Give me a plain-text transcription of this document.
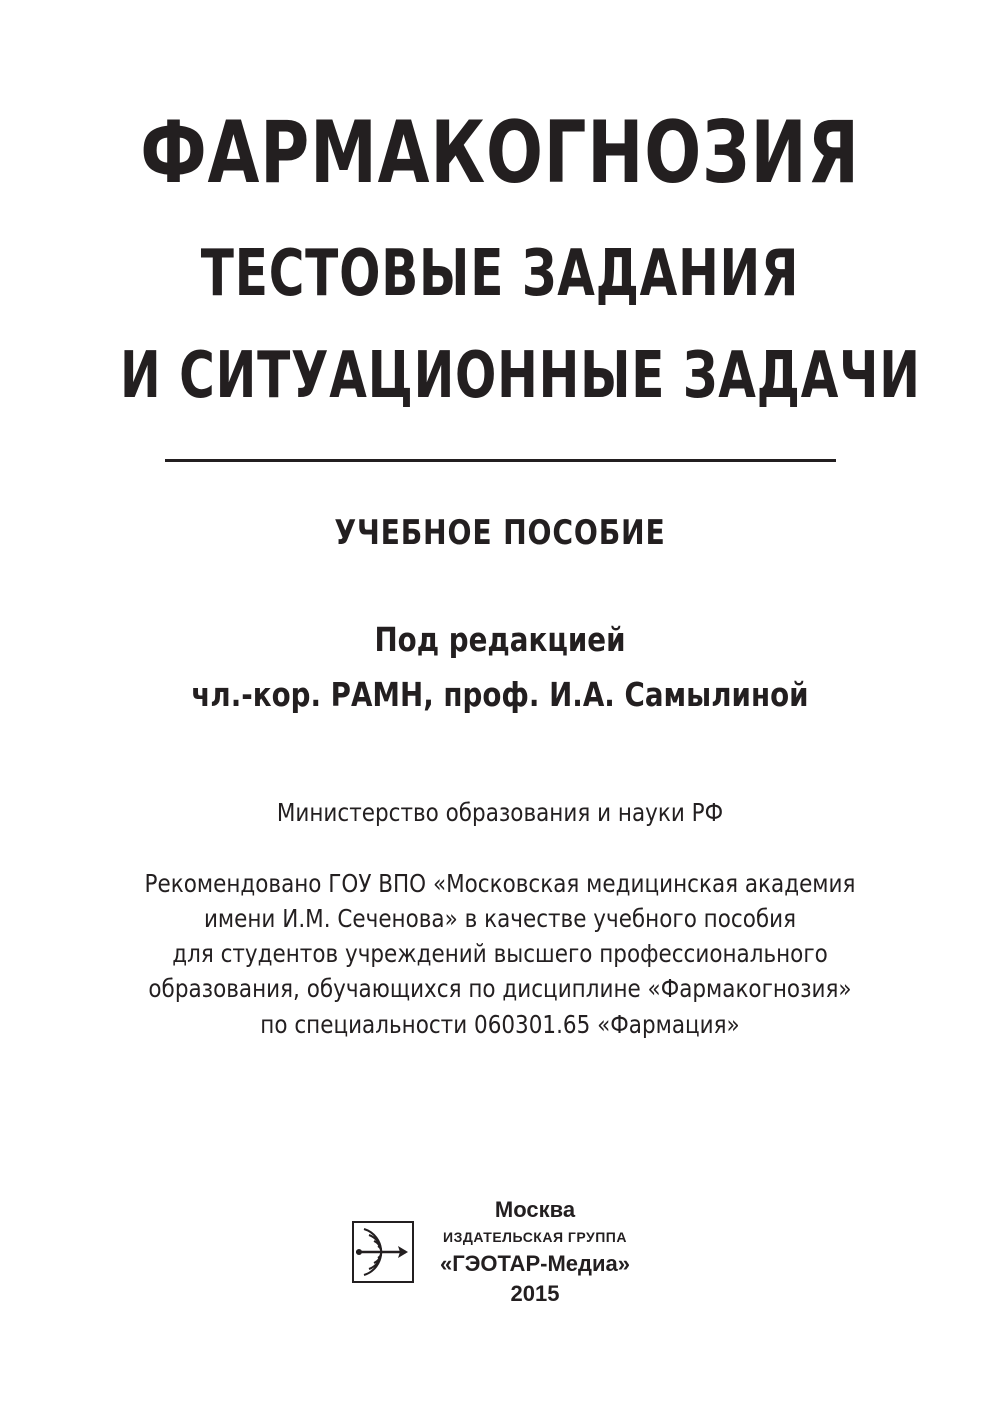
ФАРМАКОГНОЗИЯ
ТЕСТОВЫЕ ЗАДАНИЯ
И СИТУАЦИОННЫЕ ЗАДАЧИ
УЧЕБНОЕ ПОСОБИЕ
Под редакцией
чл.-кор. РАМН, проф. И.А. Самылиной
Министерство образования и науки РФ
Рекомендовано ГОУ ВПО «Московская медицинская академия
имени И.М. Сеченова» в качестве учебного пособия
для студентов учреждений высшего профессионального
образования, обучающихся по дисциплине «Фармакогнозия»
по специальности 060301.65 «Фармация»
Москва
ИЗДАТЕЛЬСКАЯ ГРУППА
«ГЭОТАР-Медиа»
2015
